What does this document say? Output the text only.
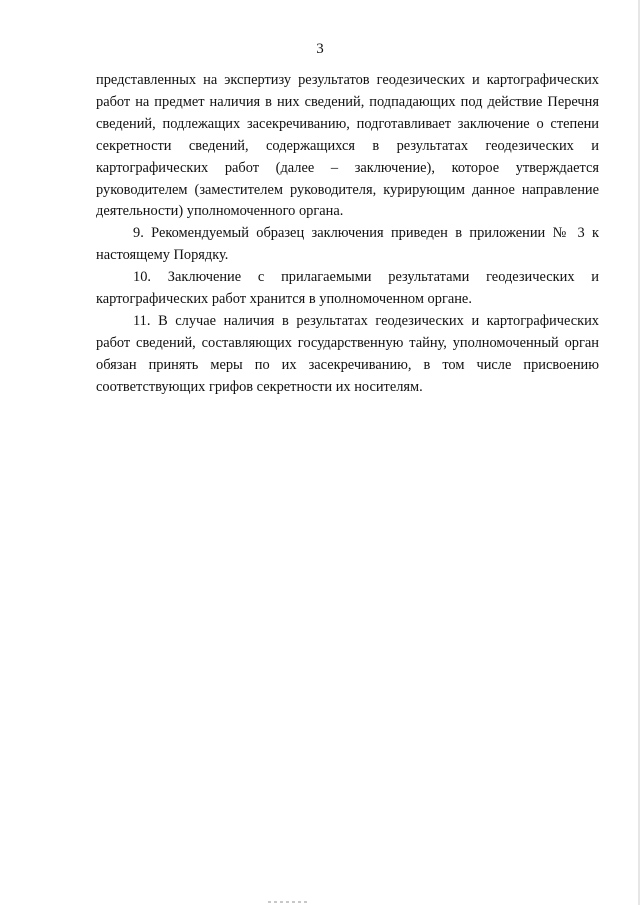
3

представленных на экспертизу результатов геодезических и картографических работ на предмет наличия в них сведений, подпадающих под действие Перечня сведений, подлежащих засекречиванию, подготавливает заключение о степени секретности сведений, содержащихся в результатах геодезических и картографических работ (далее – заключение), которое утверждается руководителем (заместителем руководителя, курирующим данное направление деятельности) уполномоченного органа.

9. Рекомендуемый образец заключения приведен в приложении № 3 к настоящему Порядку.

10. Заключение с прилагаемыми результатами геодезических и картографических работ хранится в уполномоченном органе.

11. В случае наличия в результатах геодезических и картографических работ сведений, составляющих государственную тайну, уполномоченный орган обязан принять меры по их засекречиванию, в том числе присвоению соответствующих грифов секретности их носителям.
